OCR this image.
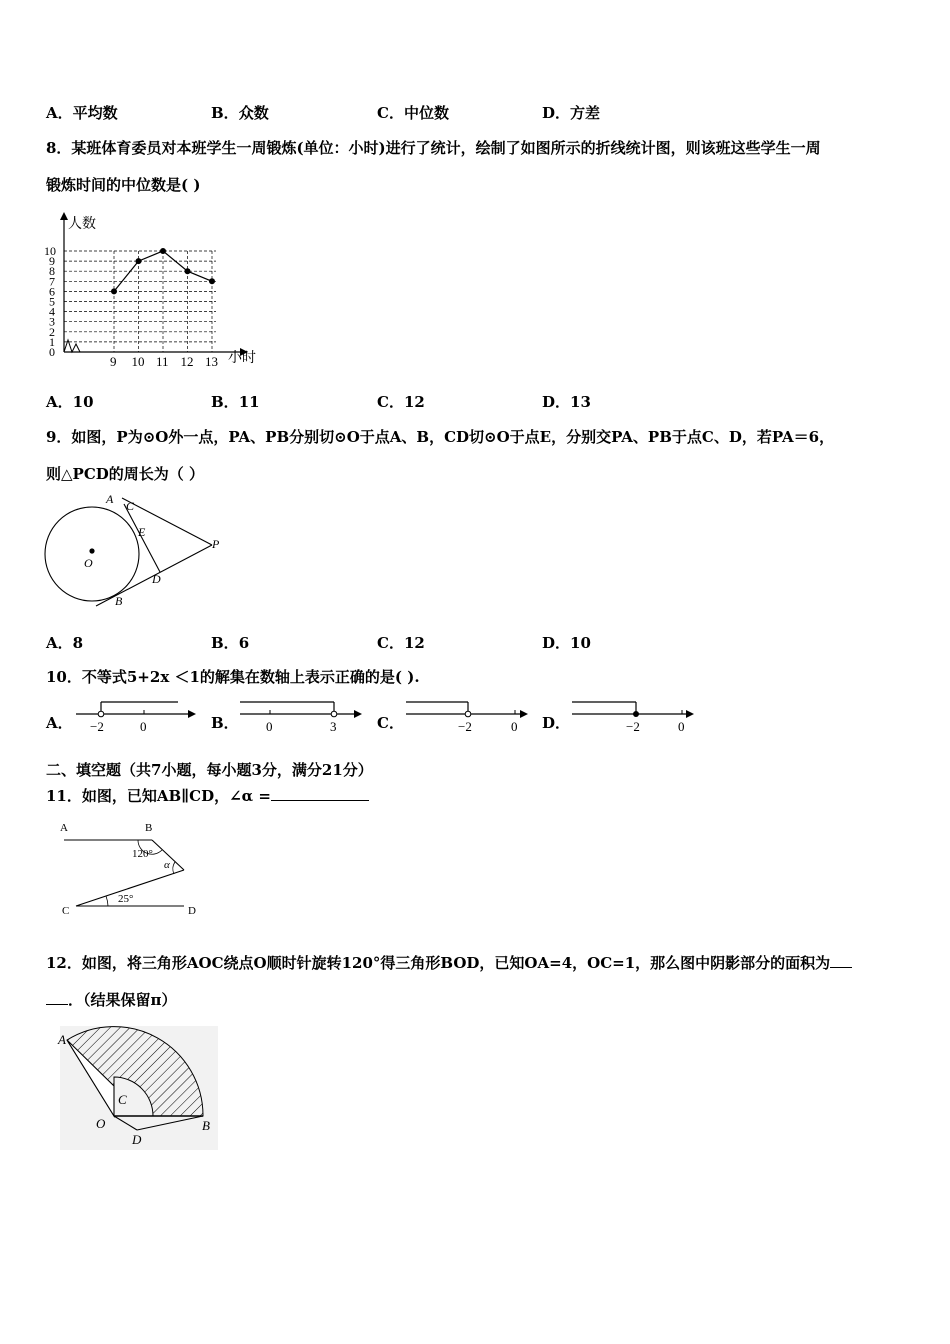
A．平均数	B．众数	C．中位数	D．方差
8．某班体育委员对本班学生一周锻炼(单位：小时)进行了统计，绘制了如图所示的折线统计图，则该班这些学生一周
锻炼时间的中位数是( )
人数
小时
0
1
2
3
4
5
6
7
8
9
10
9 10 11 12 13
A．10	B．11	C．12	D．13
9．如图，P为⊙O外一点，PA、PB分别切⊙O于点A、B，CD切⊙O于点E，分别交PA、PB于点C、D，若PA＝6，
则△PCD的周长为（ ）
A C
E
P
O
D
B
A．8	B．6	C．12	D．10
10．不等式5+2x ＜1的解集在数轴上表示正确的是( ).
A． −2	0	B． 0	3	C．	−2	0 D．	−2	0
二、填空题（共7小题，每小题3分，满分21分）
11．如图，已知AB∥CD，∠α =
A	B
120°
α
25°
C	D
12．如图，将三角形AOC绕点O顺时针旋转120°得三角形BOD，已知OA=4，OC=1，那么图中阴影部分的面积为
．（结果保留π）
A
C
O
D
B
